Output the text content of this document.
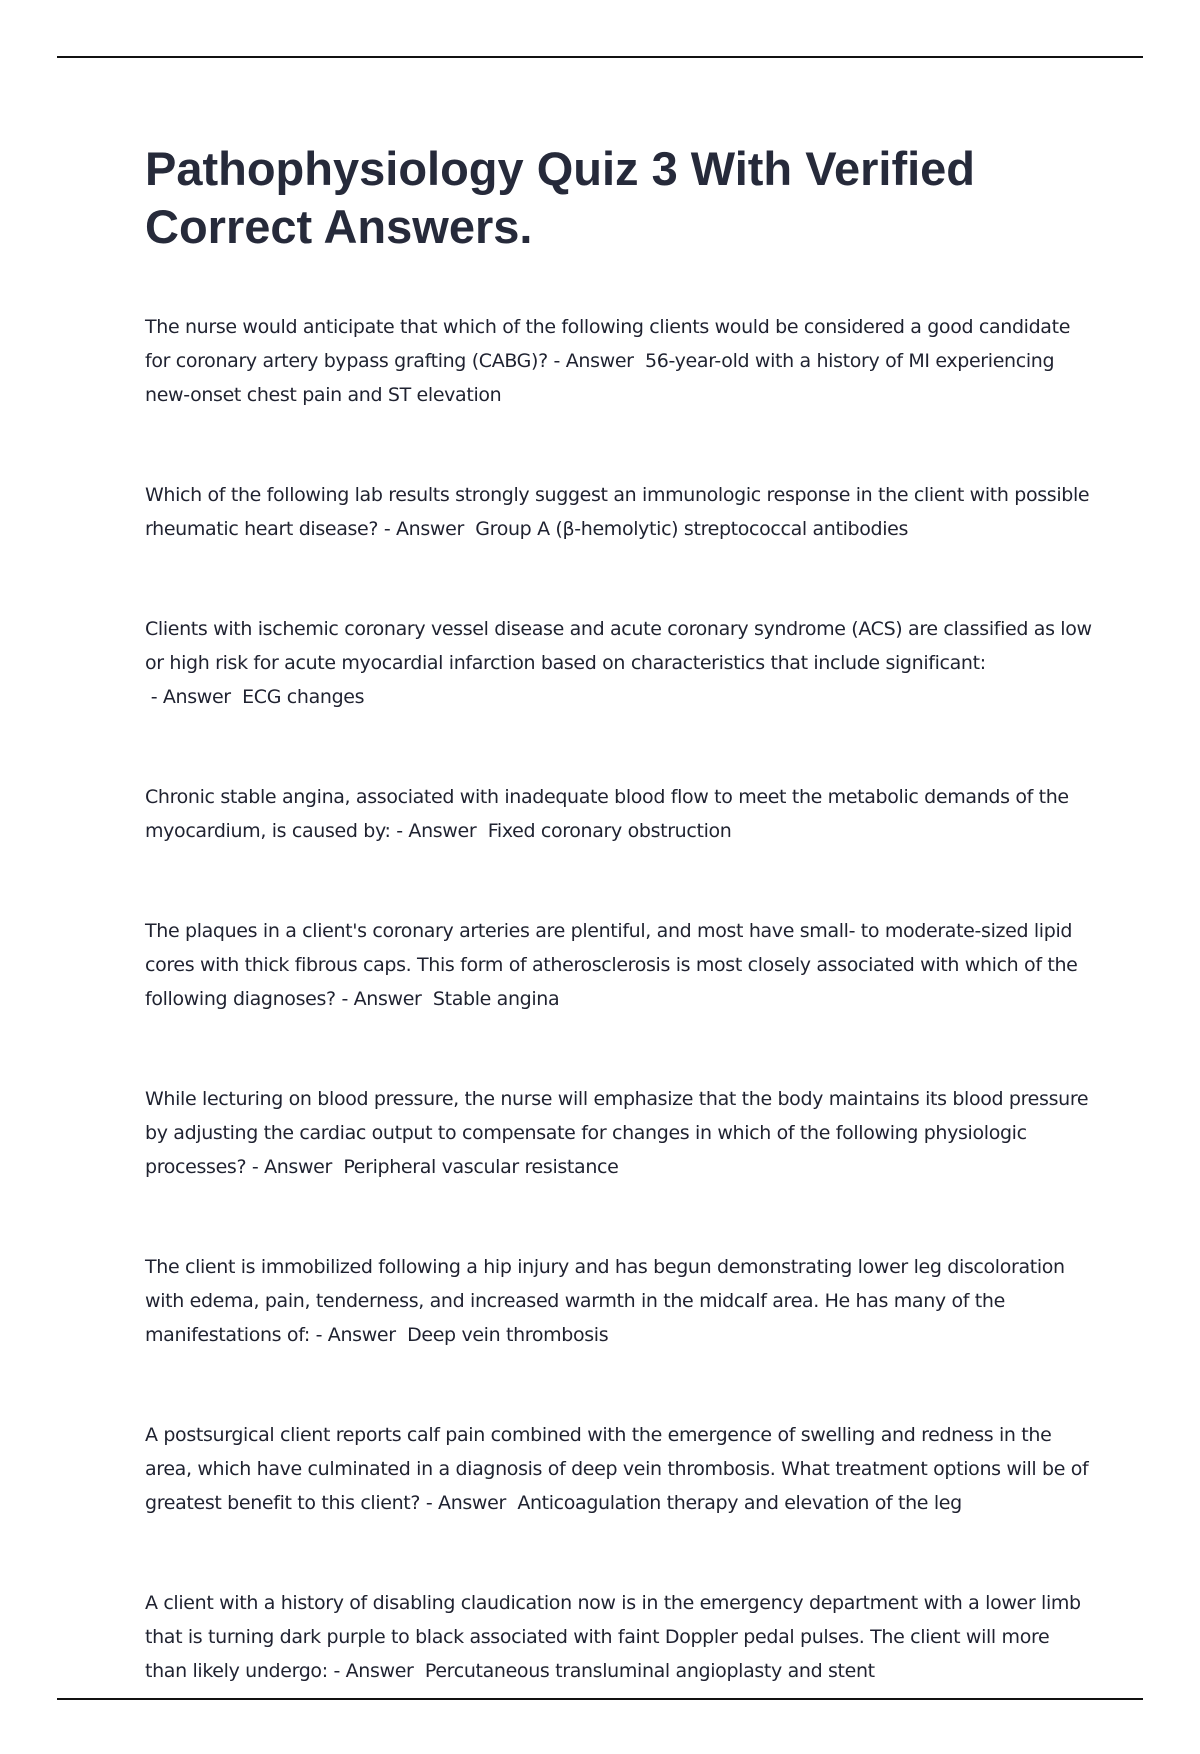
Pathophysiology Quiz 3 With Verified Correct Answers.

The nurse would anticipate that which of the following clients would be considered a good candidate for coronary artery bypass grafting (CABG)? - Answer  56-year-old with a history of MI experiencing new-onset chest pain and ST elevation

Which of the following lab results strongly suggest an immunologic response in the client with possible rheumatic heart disease? - Answer  Group A (β-hemolytic) streptococcal antibodies

Clients with ischemic coronary vessel disease and acute coronary syndrome (ACS) are classified as low or high risk for acute myocardial infarction based on characteristics that include significant: - Answer  ECG changes

Chronic stable angina, associated with inadequate blood flow to meet the metabolic demands of the myocardium, is caused by: - Answer  Fixed coronary obstruction

The plaques in a client's coronary arteries are plentiful, and most have small- to moderate-sized lipid cores with thick fibrous caps. This form of atherosclerosis is most closely associated with which of the following diagnoses? - Answer  Stable angina

While lecturing on blood pressure, the nurse will emphasize that the body maintains its blood pressure by adjusting the cardiac output to compensate for changes in which of the following physiologic processes? - Answer  Peripheral vascular resistance

The client is immobilized following a hip injury and has begun demonstrating lower leg discoloration with edema, pain, tenderness, and increased warmth in the midcalf area. He has many of the manifestations of: - Answer  Deep vein thrombosis

A postsurgical client reports calf pain combined with the emergence of swelling and redness in the area, which have culminated in a diagnosis of deep vein thrombosis. What treatment options will be of greatest benefit to this client? - Answer  Anticoagulation therapy and elevation of the leg

A client with a history of disabling claudication now is in the emergency department with a lower limb that is turning dark purple to black associated with faint Doppler pedal pulses. The client will more than likely undergo: - Answer  Percutaneous transluminal angioplasty and stent
